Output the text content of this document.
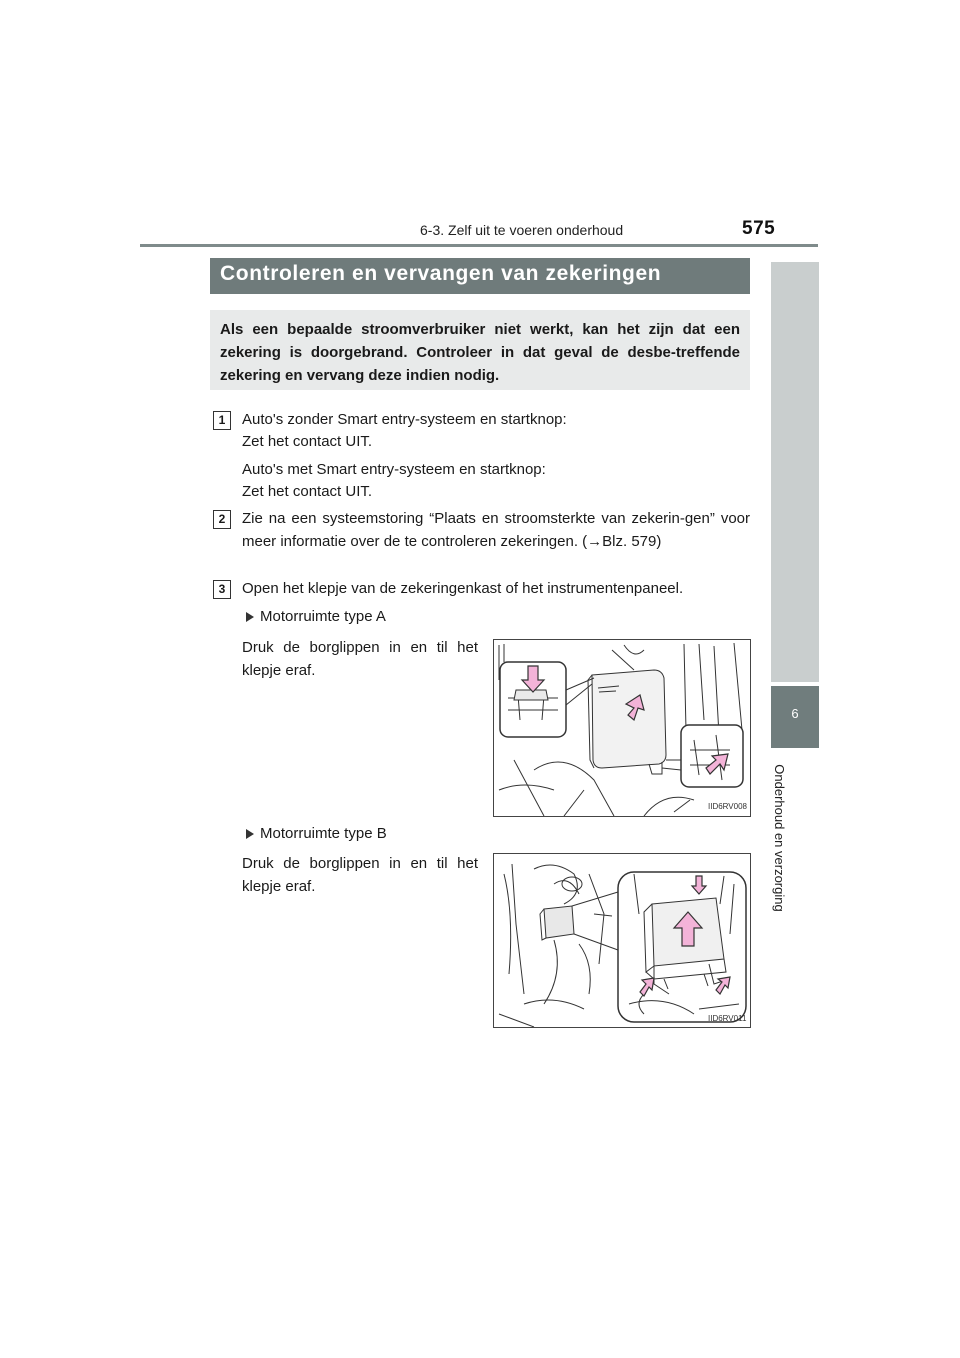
6-3. Zelf uit te voeren onderhoud	575
6
Onderhoud en verzorging
Controleren en vervangen van zekeringen
Als een bepaalde stroomverbruiker niet werkt, kan het zijn dat een zekering is doorgebrand. Controleer in dat geval de desbe-treffende zekering en vervang deze indien nodig.
1	Auto's zonder Smart entry-systeem en startknop:
Zet het contact UIT.
Auto's met Smart entry-systeem en startknop:
Zet het contact UIT.
2	Zie na een systeemstoring “Plaats en stroomsterkte van zekerin-gen” voor meer informatie over de te controleren zekeringen. (→Blz. 579)
3	Open het klepje van de zekeringenkast of het instrumentenpaneel.
Motorruimte type A
Druk de borglippen in en til het klepje eraf.
IID6RV008
Motorruimte type B
Druk de borglippen in en til het klepje eraf.
IID6RV011
